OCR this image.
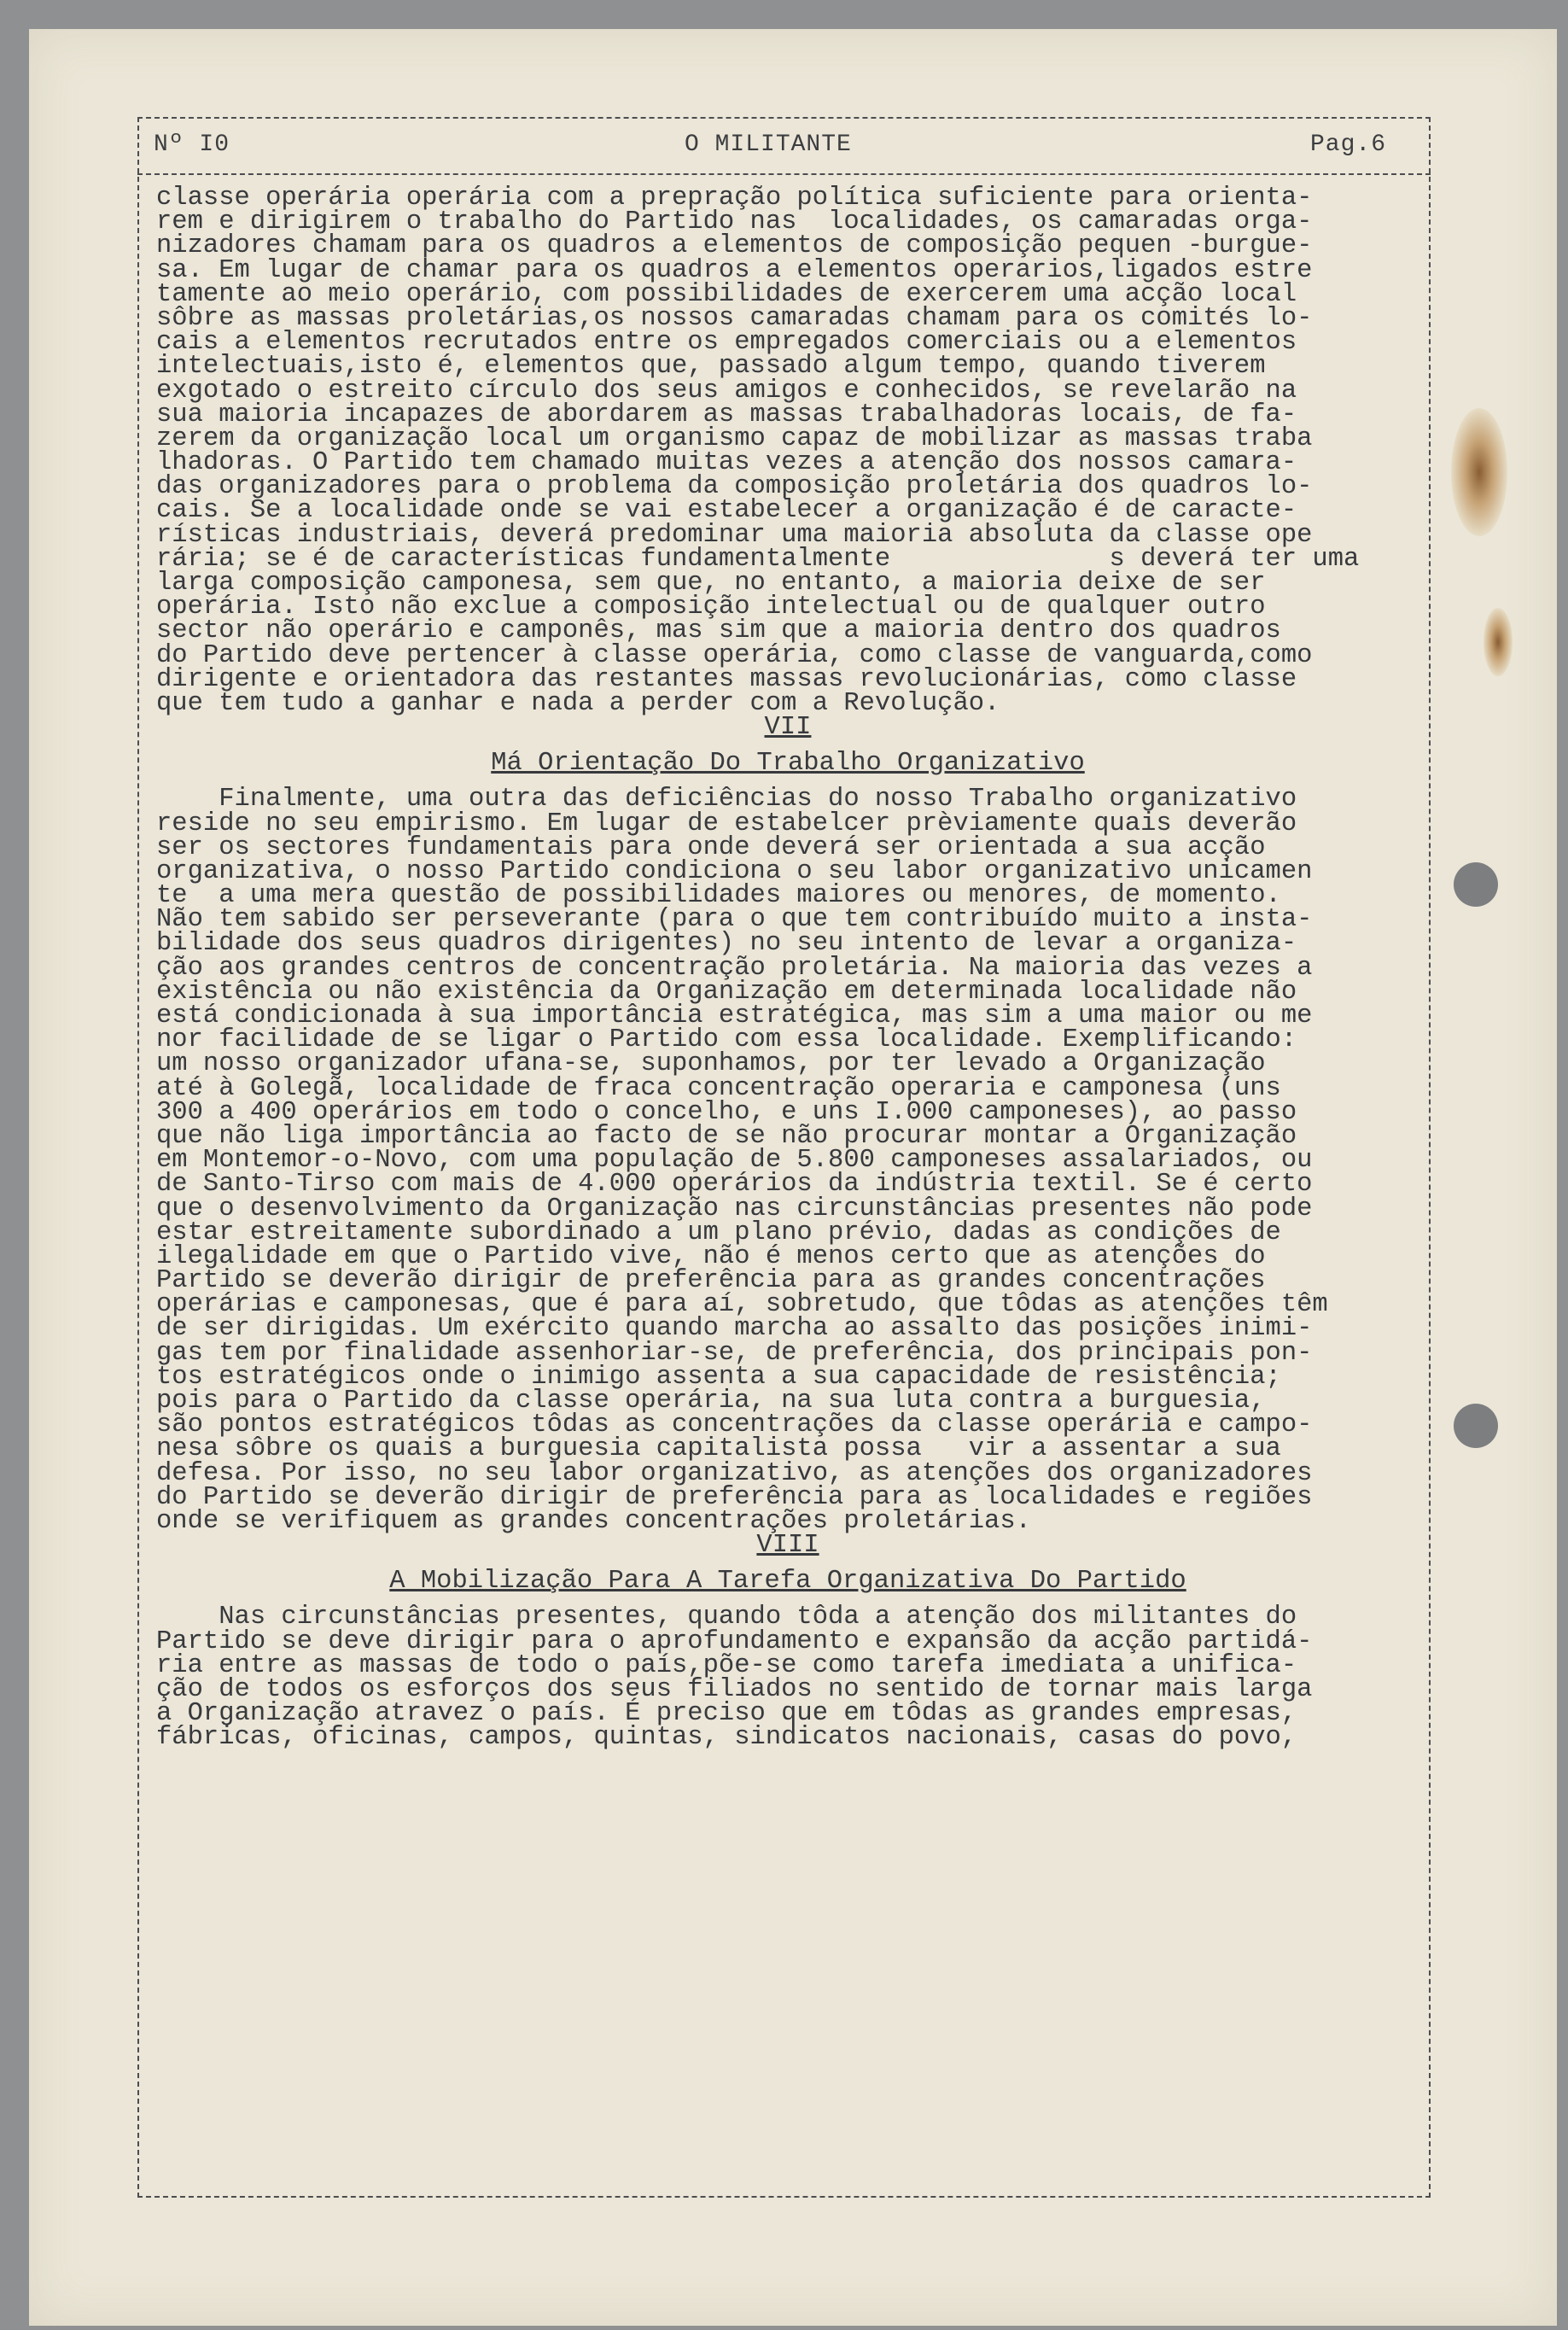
Nº I0	O MILITANTE	Pag.6
classe operária operária com a prepração política suficiente para orienta-
rem e dirigirem o trabalho do Partido nas  localidades, os camaradas orga-
nizadores chamam para os quadros a elementos de composição pequen -burgue-
sa. Em lugar de chamar para os quadros a elementos operarios,ligados estre
tamente ao meio operário, com possibilidades de exercerem uma acção local
sôbre as massas proletárias,os nossos camaradas chamam para os comités lo-
cais a elementos recrutados entre os empregados comerciais ou a elementos
intelectuais,isto é, elementos que, passado algum tempo, quando tiverem
exgotado o estreito círculo dos seus amigos e conhecidos, se revelarão na
sua maioria incapazes de abordarem as massas trabalhadoras locais, de fa-
zerem da organização local um organismo capaz de mobilizar as massas traba
lhadoras. O Partido tem chamado muitas vezes a atenção dos nossos camara-
das organizadores para o problema da composição proletária dos quadros lo-
cais. Se a localidade onde se vai estabelecer a organização é de caracte-
rísticas industriais, deverá predominar uma maioria absoluta da classe ope
rária; se é de características fundamentalmente              s deverá ter uma
larga composição camponesa, sem que, no entanto, a maioria deixe de ser
operária. Isto não exclue a composição intelectual ou de qualquer outro
sector não operário e camponês, mas sim que a maioria dentro dos quadros
do Partido deve pertencer à classe operária, como classe de vanguarda,como
dirigente e orientadora das restantes massas revolucionárias, como classe
que tem tudo a ganhar e nada a perder com a Revolução.
VII
Má Orientação Do Trabalho Organizativo
Finalmente, uma outra das deficiências do nosso Trabalho organizativo
reside no seu empirismo. Em lugar de estabelcer prèviamente quais deverão
ser os sectores fundamentais para onde deverá ser orientada a sua acção
organizativa, o nosso Partido condiciona o seu labor organizativo unicamen
te  a uma mera questão de possibilidades maiores ou menores, de momento.
Não tem sabido ser perseverante (para o que tem contribuído muito a insta-
bilidade dos seus quadros dirigentes) no seu intento de levar a organiza-
ção aos grandes centros de concentração proletária. Na maioria das vezes a
existência ou não existência da Organização em determinada localidade não
está condicionada à sua importância estratégica, mas sim a uma maior ou me
nor facilidade de se ligar o Partido com essa localidade. Exemplificando:
um nosso organizador ufana-se, suponhamos, por ter levado a Organização
até à Golegã, localidade de fraca concentração operaria e camponesa (uns
300 a 400 operários em todo o concelho, e uns I.000 camponeses), ao passo
que não liga importância ao facto de se não procurar montar a Organização
em Montemor-o-Novo, com uma população de 5.800 camponeses assalariados, ou
de Santo-Tirso com mais de 4.000 operários da indústria textil. Se é certo
que o desenvolvimento da Organização nas circunstâncias presentes não pode
estar estreitamente subordinado a um plano prévio, dadas as condições de
ilegalidade em que o Partido vive, não é menos certo que as atenções do
Partido se deverão dirigir de preferência para as grandes concentrações
operárias e camponesas, que é para aí, sobretudo, que tôdas as atenções têm
de ser dirigidas. Um exército quando marcha ao assalto das posições inimi-
gas tem por finalidade assenhoriar-se, de preferência, dos principais pon-
tos estratégicos onde o inimigo assenta a sua capacidade de resistência;
pois para o Partido da classe operária, na sua luta contra a burguesia,
são pontos estratégicos tôdas as concentrações da classe operária e campo-
nesa sôbre os quais a burguesia capitalista possa   vir a assentar a sua
defesa. Por isso, no seu labor organizativo, as atenções dos organizadores
do Partido se deverão dirigir de preferência para as localidades e regiões
onde se verifiquem as grandes concentrações proletárias.
VIII
A Mobilização Para A Tarefa Organizativa Do Partido
Nas circunstâncias presentes, quando tôda a atenção dos militantes do
Partido se deve dirigir para o aprofundamento e expansão da acção partidá-
ria entre as massas de todo o país,põe-se como tarefa imediata a unifica-
ção de todos os esforços dos seus filiados no sentido de tornar mais larga
a Organização atravez o país. É preciso que em tôdas as grandes empresas,
fábricas, oficinas, campos, quintas, sindicatos nacionais, casas do povo,
